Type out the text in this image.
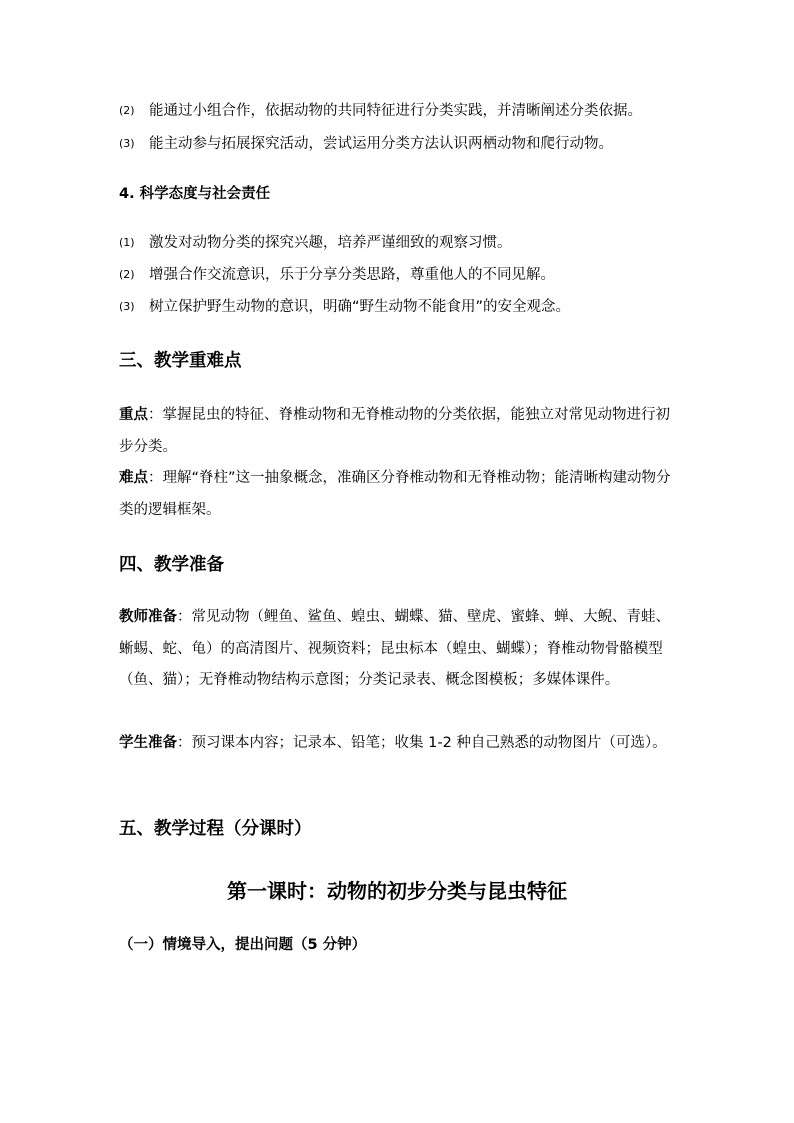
(2) 能通过小组合作，依据动物的共同特征进行分类实践，并清晰阐述分类依据。
(3) 能主动参与拓展探究活动，尝试运用分类方法认识两栖动物和爬行动物。
4. 科学态度与社会责任
(1) 激发对动物分类的探究兴趣，培养严谨细致的观察习惯。
(2) 增强合作交流意识，乐于分享分类思路，尊重他人的不同见解。
(3) 树立保护野生动物的意识，明确“野生动物不能食用”的安全观念。
三、教学重难点
重点：掌握昆虫的特征、脊椎动物和无脊椎动物的分类依据，能独立对常见动物进行初步分类。
难点：理解“脊柱”这一抽象概念，准确区分脊椎动物和无脊椎动物；能清晰构建动物分类的逻辑框架。
四、教学准备
教师准备：常见动物（鲤鱼、鲨鱼、蝗虫、蝴蝶、猫、壁虎、蜜蜂、蝉、大鲵、青蛙、蜥蜴、蛇、龟）的高清图片、视频资料；昆虫标本（蝗虫、蝴蝶）；脊椎动物骨骼模型（鱼、猫）；无脊椎动物结构示意图；分类记录表、概念图模板；多媒体课件。
学生准备：预习课本内容；记录本、铅笔；收集 1-2 种自己熟悉的动物图片（可选）。
五、教学过程（分课时）
第一课时：动物的初步分类与昆虫特征
（一）情境导入，提出问题（5 分钟）
